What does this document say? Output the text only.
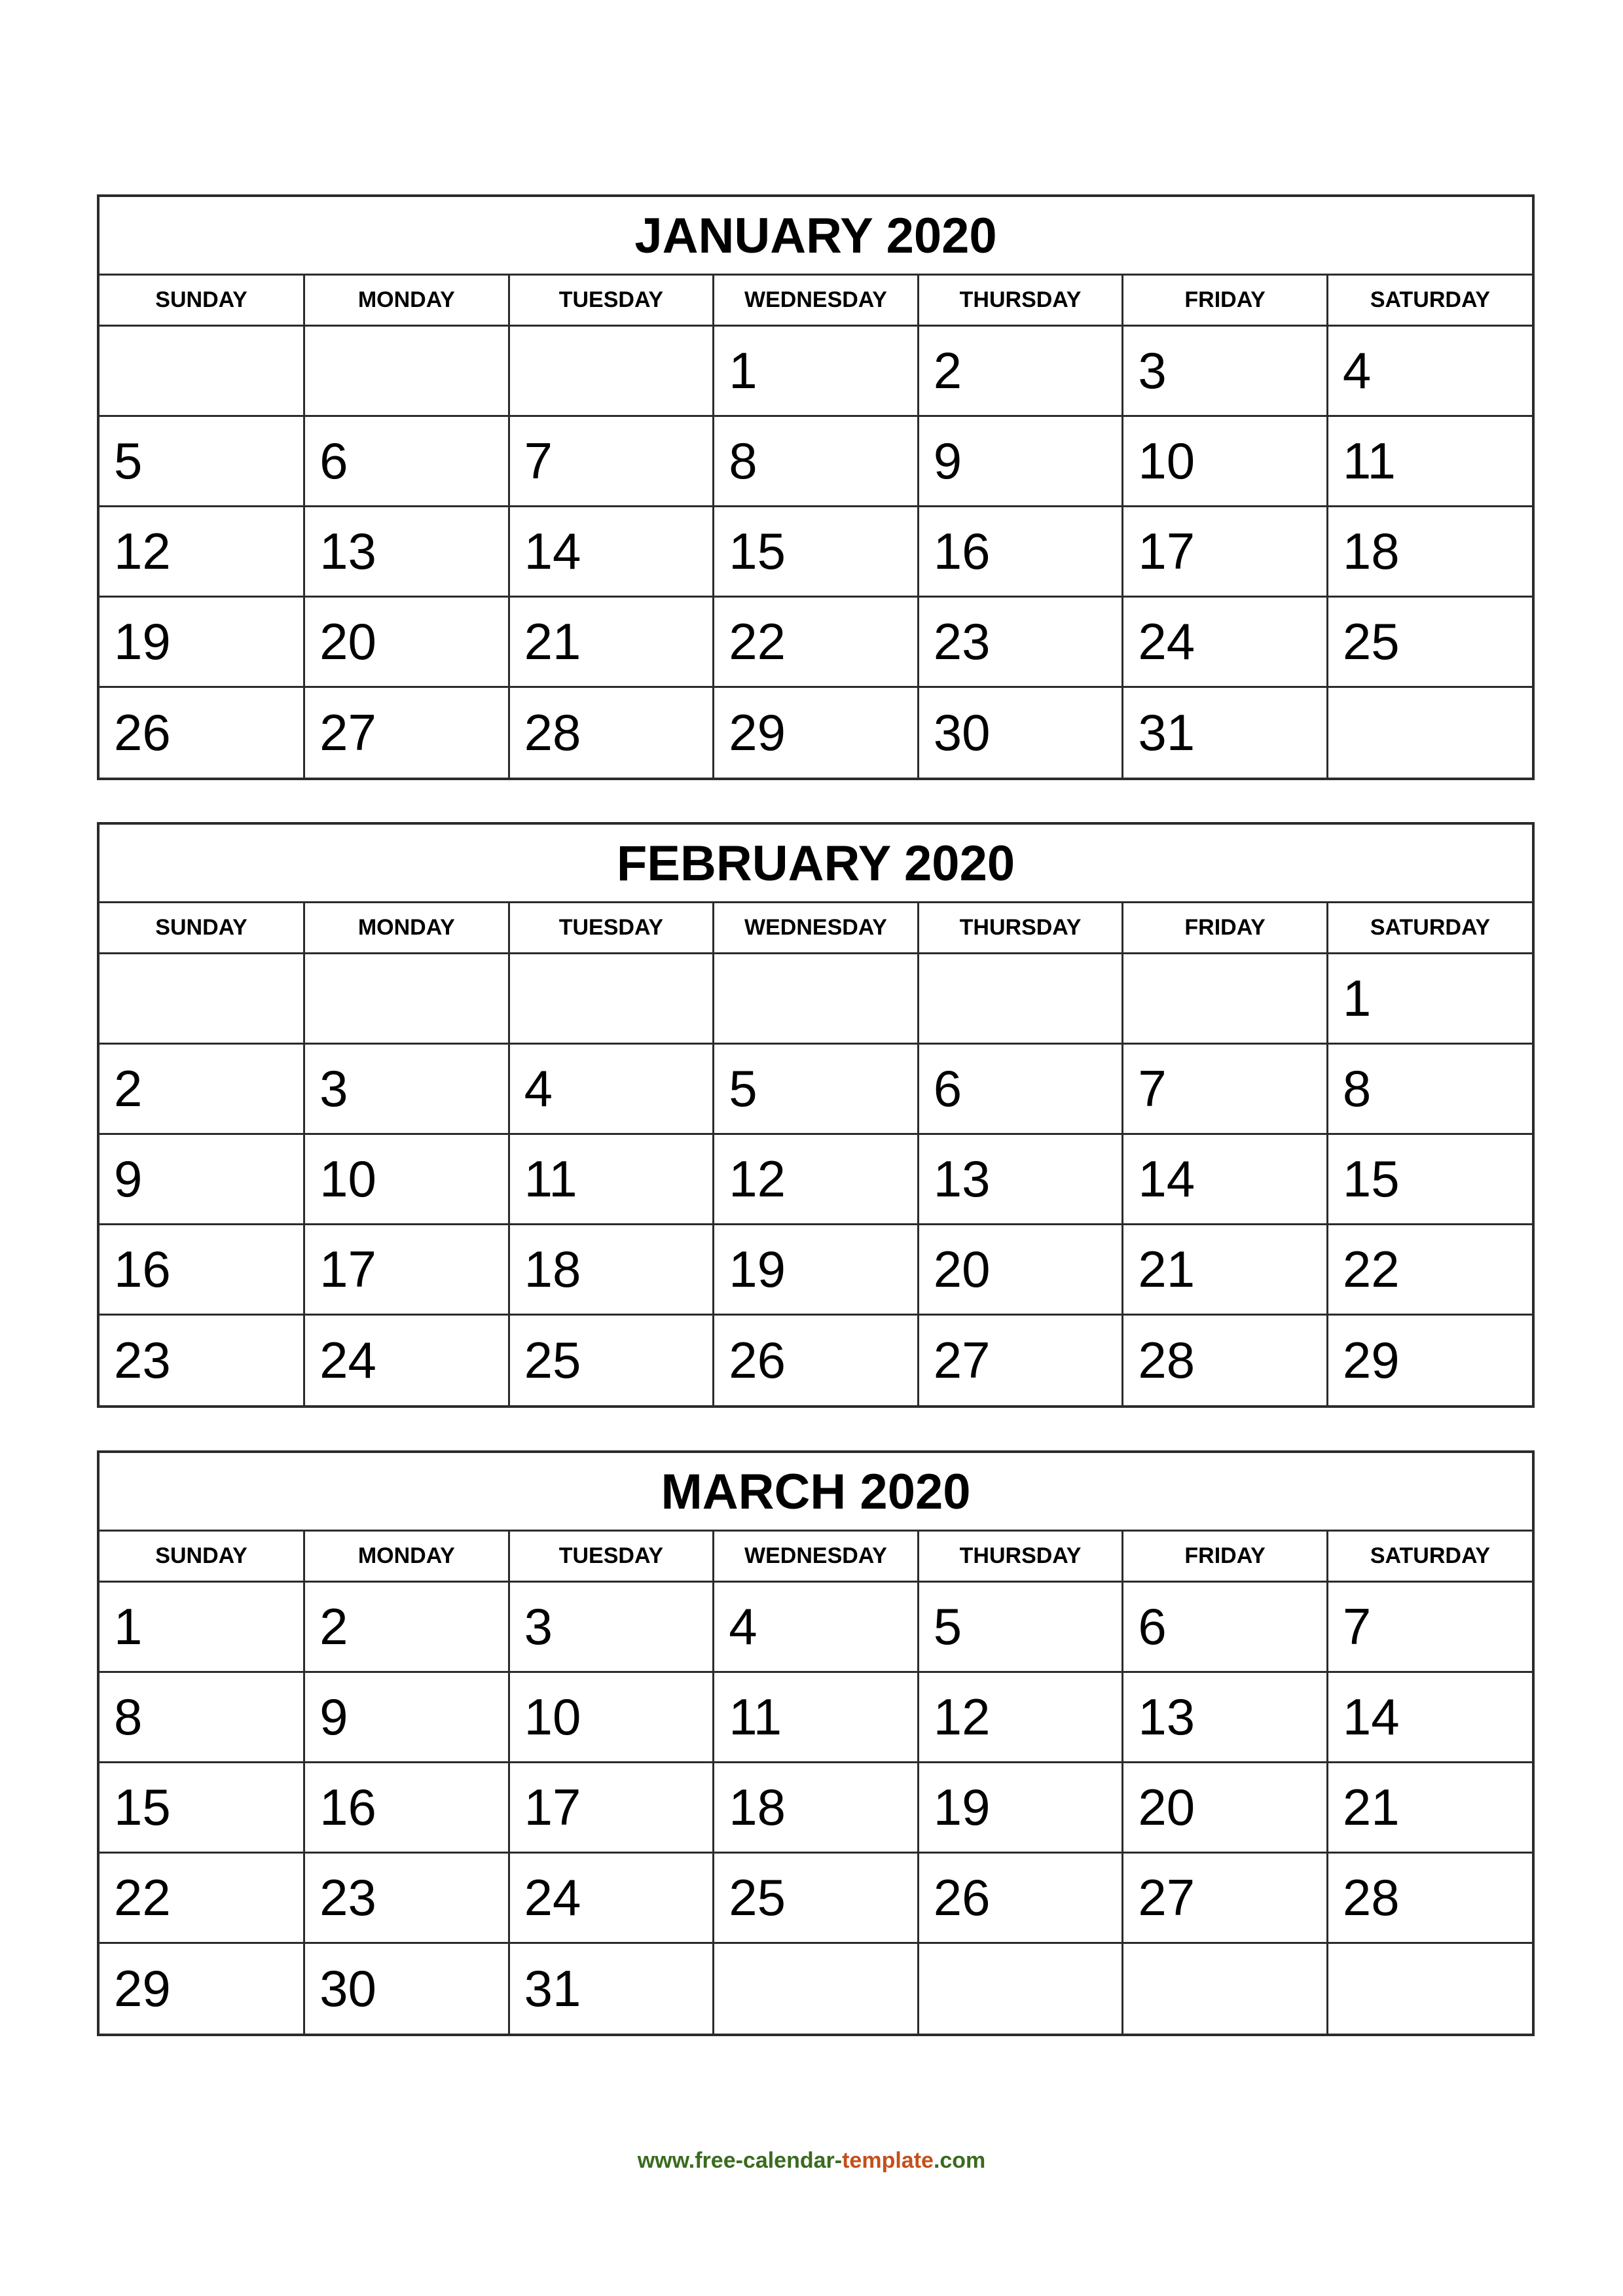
JANUARY 2020
SUNDAY	MONDAY	TUESDAY	WEDNESDAY	THURSDAY	FRIDAY	SATURDAY
			1	2	3	4
5	6	7	8	9	10	11
12	13	14	15	16	17	18
19	20	21	22	23	24	25
26	27	28	29	30	31	
FEBRUARY 2020
SUNDAY	MONDAY	TUESDAY	WEDNESDAY	THURSDAY	FRIDAY	SATURDAY
						1
2	3	4	5	6	7	8
9	10	11	12	13	14	15
16	17	18	19	20	21	22
23	24	25	26	27	28	29
MARCH 2020
SUNDAY	MONDAY	TUESDAY	WEDNESDAY	THURSDAY	FRIDAY	SATURDAY
1	2	3	4	5	6	7
8	9	10	11	12	13	14
15	16	17	18	19	20	21
22	23	24	25	26	27	28
29	30	31				
www.free-calendar-template.com
